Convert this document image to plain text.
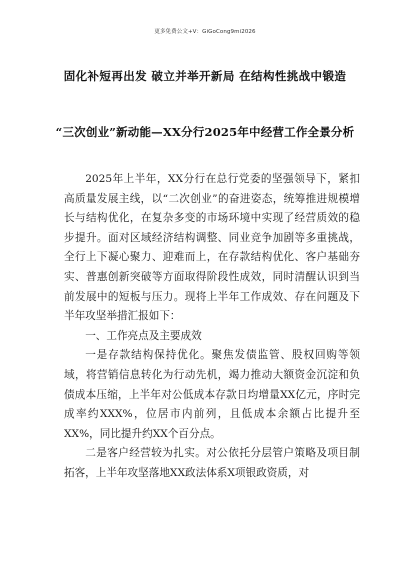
更多免费公文+V：GiGoCong9mi2026
固化补短再出发 破立并举开新局 在结构性挑战中锻造
“三次创业”新动能—XX分行2025年中经营工作全景分析

2025年上半年，XX分行在总行党委的坚强领导下，紧扣高质量发展主线，以“二次创业”的奋进姿态，统筹推进规模增长与结构优化，在复杂多变的市场环境中实现了经营质效的稳步提升。面对区域经济结构调整、同业竞争加剧等多重挑战，全行上下凝心聚力、迎难而上，在存款结构优化、客户基础夯实、普惠创新突破等方面取得阶段性成效，同时清醒认识到当前发展中的短板与压力。现将上半年工作成效、存在问题及下半年攻坚举措汇报如下：

一、工作亮点及主要成效

一是存款结构保持优化。聚焦发债监管、股权回购等领域，将营销信息转化为行动先机，竭力推动大额资金沉淀和负债成本压缩，上半年对公低成本存款日均增量XX亿元，序时完成率约XXX%，位居市内前列，且低成本余额占比提升至XX%，同比提升约XX个百分点。

二是客户经营较为扎实。对公依托分层管户策略及项目制拓客，上半年攻坚落地XX政法体系X项银政资质，对
